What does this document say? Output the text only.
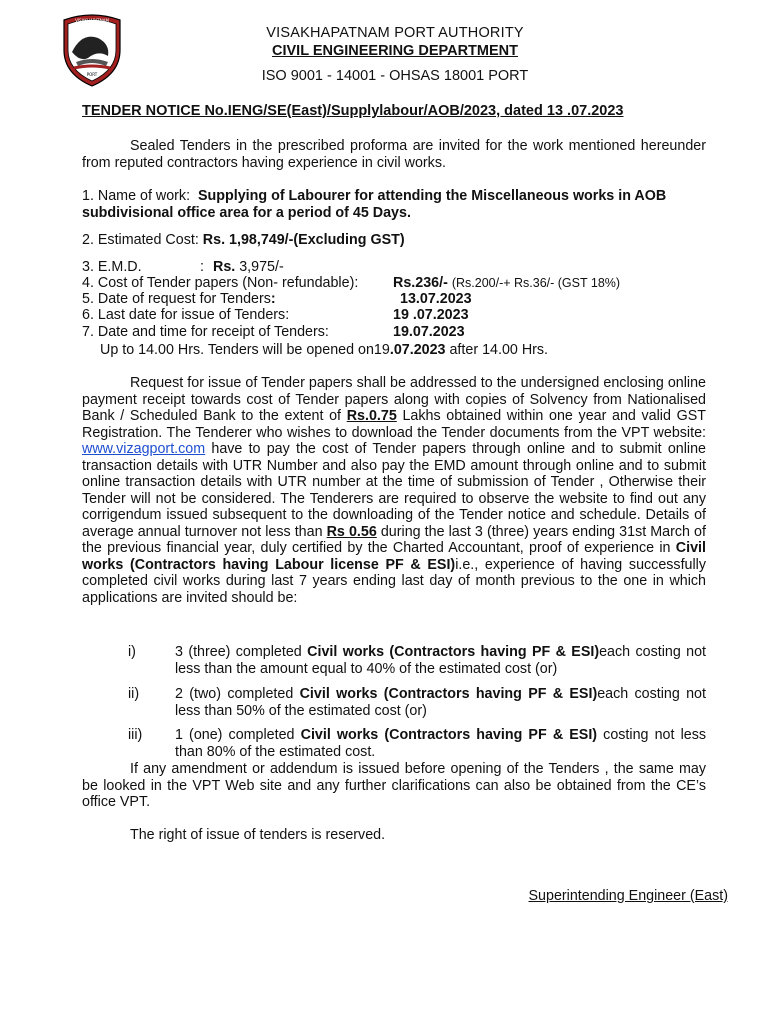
VISAKHAPATNAM
PORT
VISAKHAPATNAM PORT AUTHORITY
CIVIL ENGINEERING DEPARTMENT
ISO 9001 - 14001 - OHSAS 18001 PORT
TENDER NOTICE No.IENG/SE(East)/Supplylabour/AOB/2023, dated 13 .07.2023
Sealed Tenders in the prescribed proforma are invited for the work mentioned hereunder from reputed contractors having experience in civil works.
1. Name of work: Supplying of Labourer for attending the Miscellaneous works in AOB subdivisional office area for a period of 45 Days.
2. Estimated Cost: Rs. 1,98,749/-(Excluding GST)
3. E.M.D.	: Rs. 3,975/-
4. Cost of Tender papers (Non- refundable): Rs.236/- (Rs.200/-+ Rs.36/- (GST 18%)
5. Date of request for Tenders:	13.07.2023
6. Last date for issue of Tenders:	19 .07.2023
7. Date and time for receipt of Tenders:	19.07.2023
Up to 14.00 Hrs. Tenders will be opened on19.07.2023 after 14.00 Hrs.
Request for issue of Tender papers shall be addressed to the undersigned enclosing online payment receipt towards cost of Tender papers along with copies of Solvency from Nationalised Bank / Scheduled Bank to the extent of Rs.0.75 Lakhs obtained within one year and valid GST Registration. The Tenderer who wishes to download the Tender documents from the VPT website: www.vizagport.com have to pay the cost of Tender papers through online and to submit online transaction details with UTR Number and also pay the EMD amount through online and to submit online transaction details with UTR number at the time of submission of Tender , Otherwise their Tender will not be considered. The Tenderers are required to observe the website to find out any corrigendum issued subsequent to the downloading of the Tender notice and schedule. Details of average annual turnover not less than Rs 0.56 during the last 3 (three) years ending 31st March of the previous financial year, duly certified by the Charted Accountant, proof of experience in Civil works (Contractors having Labour license PF & ESI)i.e., experience of having successfully completed civil works during last 7 years ending last day of month previous to the one in which applications are invited should be:
i)	3 (three) completed Civil works (Contractors having PF & ESI)each costing not less than the amount equal to 40% of the estimated cost (or)
ii)	2 (two) completed Civil works (Contractors having PF & ESI)each costing not less than 50% of the estimated cost (or)
iii)	1 (one) completed Civil works (Contractors having PF & ESI) costing not less than 80% of the estimated cost.
If any amendment or addendum is issued before opening of the Tenders , the same may be looked in the VPT Web site and any further clarifications can also be obtained from the CE’s office VPT.
The right of issue of tenders is reserved.
Superintending Engineer (East)
